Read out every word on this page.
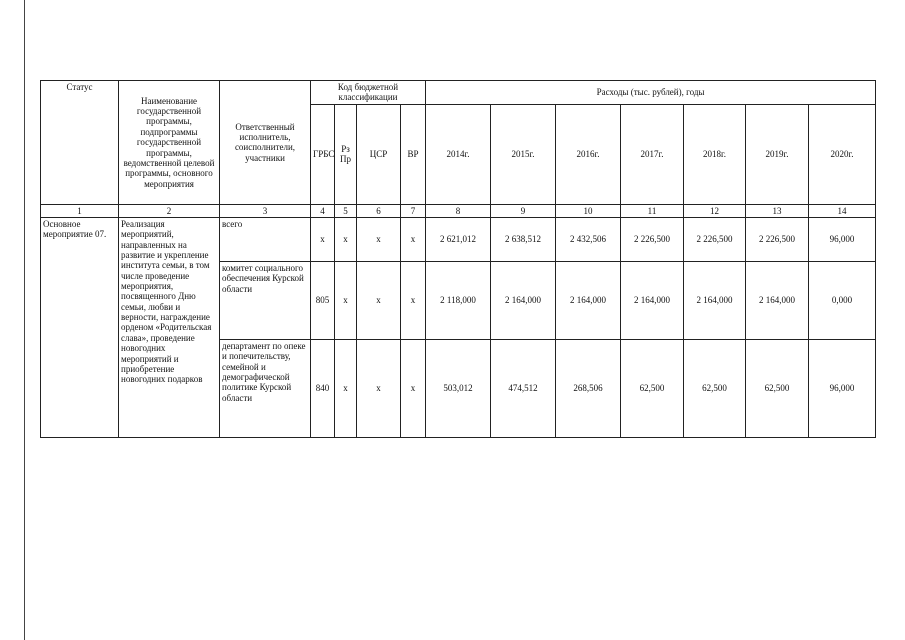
Статус	Наименование государственной программы, подпрограммы государственной программы, ведомственной целевой программы, основного мероприятия	Ответственный исполнитель, соисполнители, участники	Код бюджетной классификации				Расходы (тыс. рублей), годы						
			ГРБС	Рз Пр	ЦСР	ВР	2014г.	2015г.	2016г.	2017г.	2018г.	2019г.	2020г.
1	2	3	4	5	6	7	8	9	10	11	12	13	14
Основное мероприятие 07.	Реализация мероприятий, направленных на развитие и укрепление института семьи, в том числе проведение мероприятия, посвященного Дню семьи, любви и верности, награждение орденом «Родительская слава», проведение новогодних мероприятий и приобретение новогодних подарков	всего	x	x	x	x	2 621,012	2 638,512	2 432,506	2 226,500	2 226,500	2 226,500	96,000
		комитет социального обеспечения Курской области	805	x	x	x	2 118,000	2 164,000	2 164,000	2 164,000	2 164,000	2 164,000	0,000
		департамент по опеке и попечительству, семейной и демографической политике Курской области	840	x	x	x	503,012	474,512	268,506	62,500	62,500	62,500	96,000
